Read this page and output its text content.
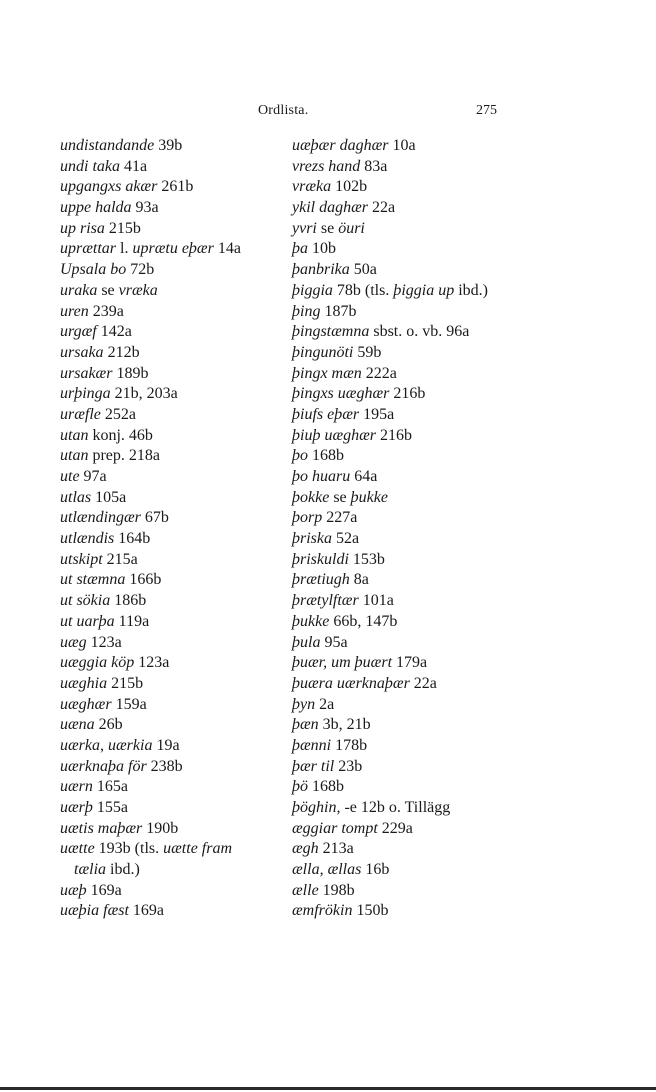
Ordlista.	275
undistandande 39b
undi taka 41a
upgangxs akær 261b
uppe halda 93a
up risa 215b
uprættar l. uprætu eþær 14a
Upsala bo 72b
uraka se vræka
uren 239a
urgæf 142a
ursaka 212b
ursakær 189b
urþinga 21b, 203a
uræfle 252a
utan konj. 46b
utan prep. 218a
ute 97a
utlas 105a
utlændingær 67b
utlændis 164b
utskipt 215a
ut stæmna 166b
ut sökia 186b
ut uarþa 119a
uæg 123a
uæggia köp 123a
uæghia 215b
uæghær 159a
uæna 26b
uærka, uærkia 19a
uærknaþa för 238b
uærn 165a
uærþ 155a
uætis maþær 190b
uætte 193b (tls. uætte fram
tælia ibd.)
uæþ 169a
uæþia fæst 169a
uæþær daghær 10a
vrezs hand 83a
vræka 102b
ykil daghær 22a
yvri se öuri
þa 10b
þanbrika 50a
þiggia 78b (tls. þiggia up ibd.)
þing 187b
þingstæmna sbst. o. vb. 96a
þingunöti 59b
þingx mæn 222a
þingxs uæghær 216b
þiufs eþær 195a
þiuþ uæghær 216b
þo 168b
þo huaru 64a
þokke se þukke
þorp 227a
þriska 52a
þriskuldi 153b
þrætiugh 8a
þrætylftær 101a
þukke 66b, 147b
þula 95a
þuær, um þuært 179a
þuæra uærknaþær 22a
þyn 2a
þæn 3b, 21b
þænni 178b
þær til 23b
þö 168b
þöghin, -e 12b o. Tillägg
æggiar tompt 229a
ægh 213a
ælla, ællas 16b
ælle 198b
æmfrökin 150b
